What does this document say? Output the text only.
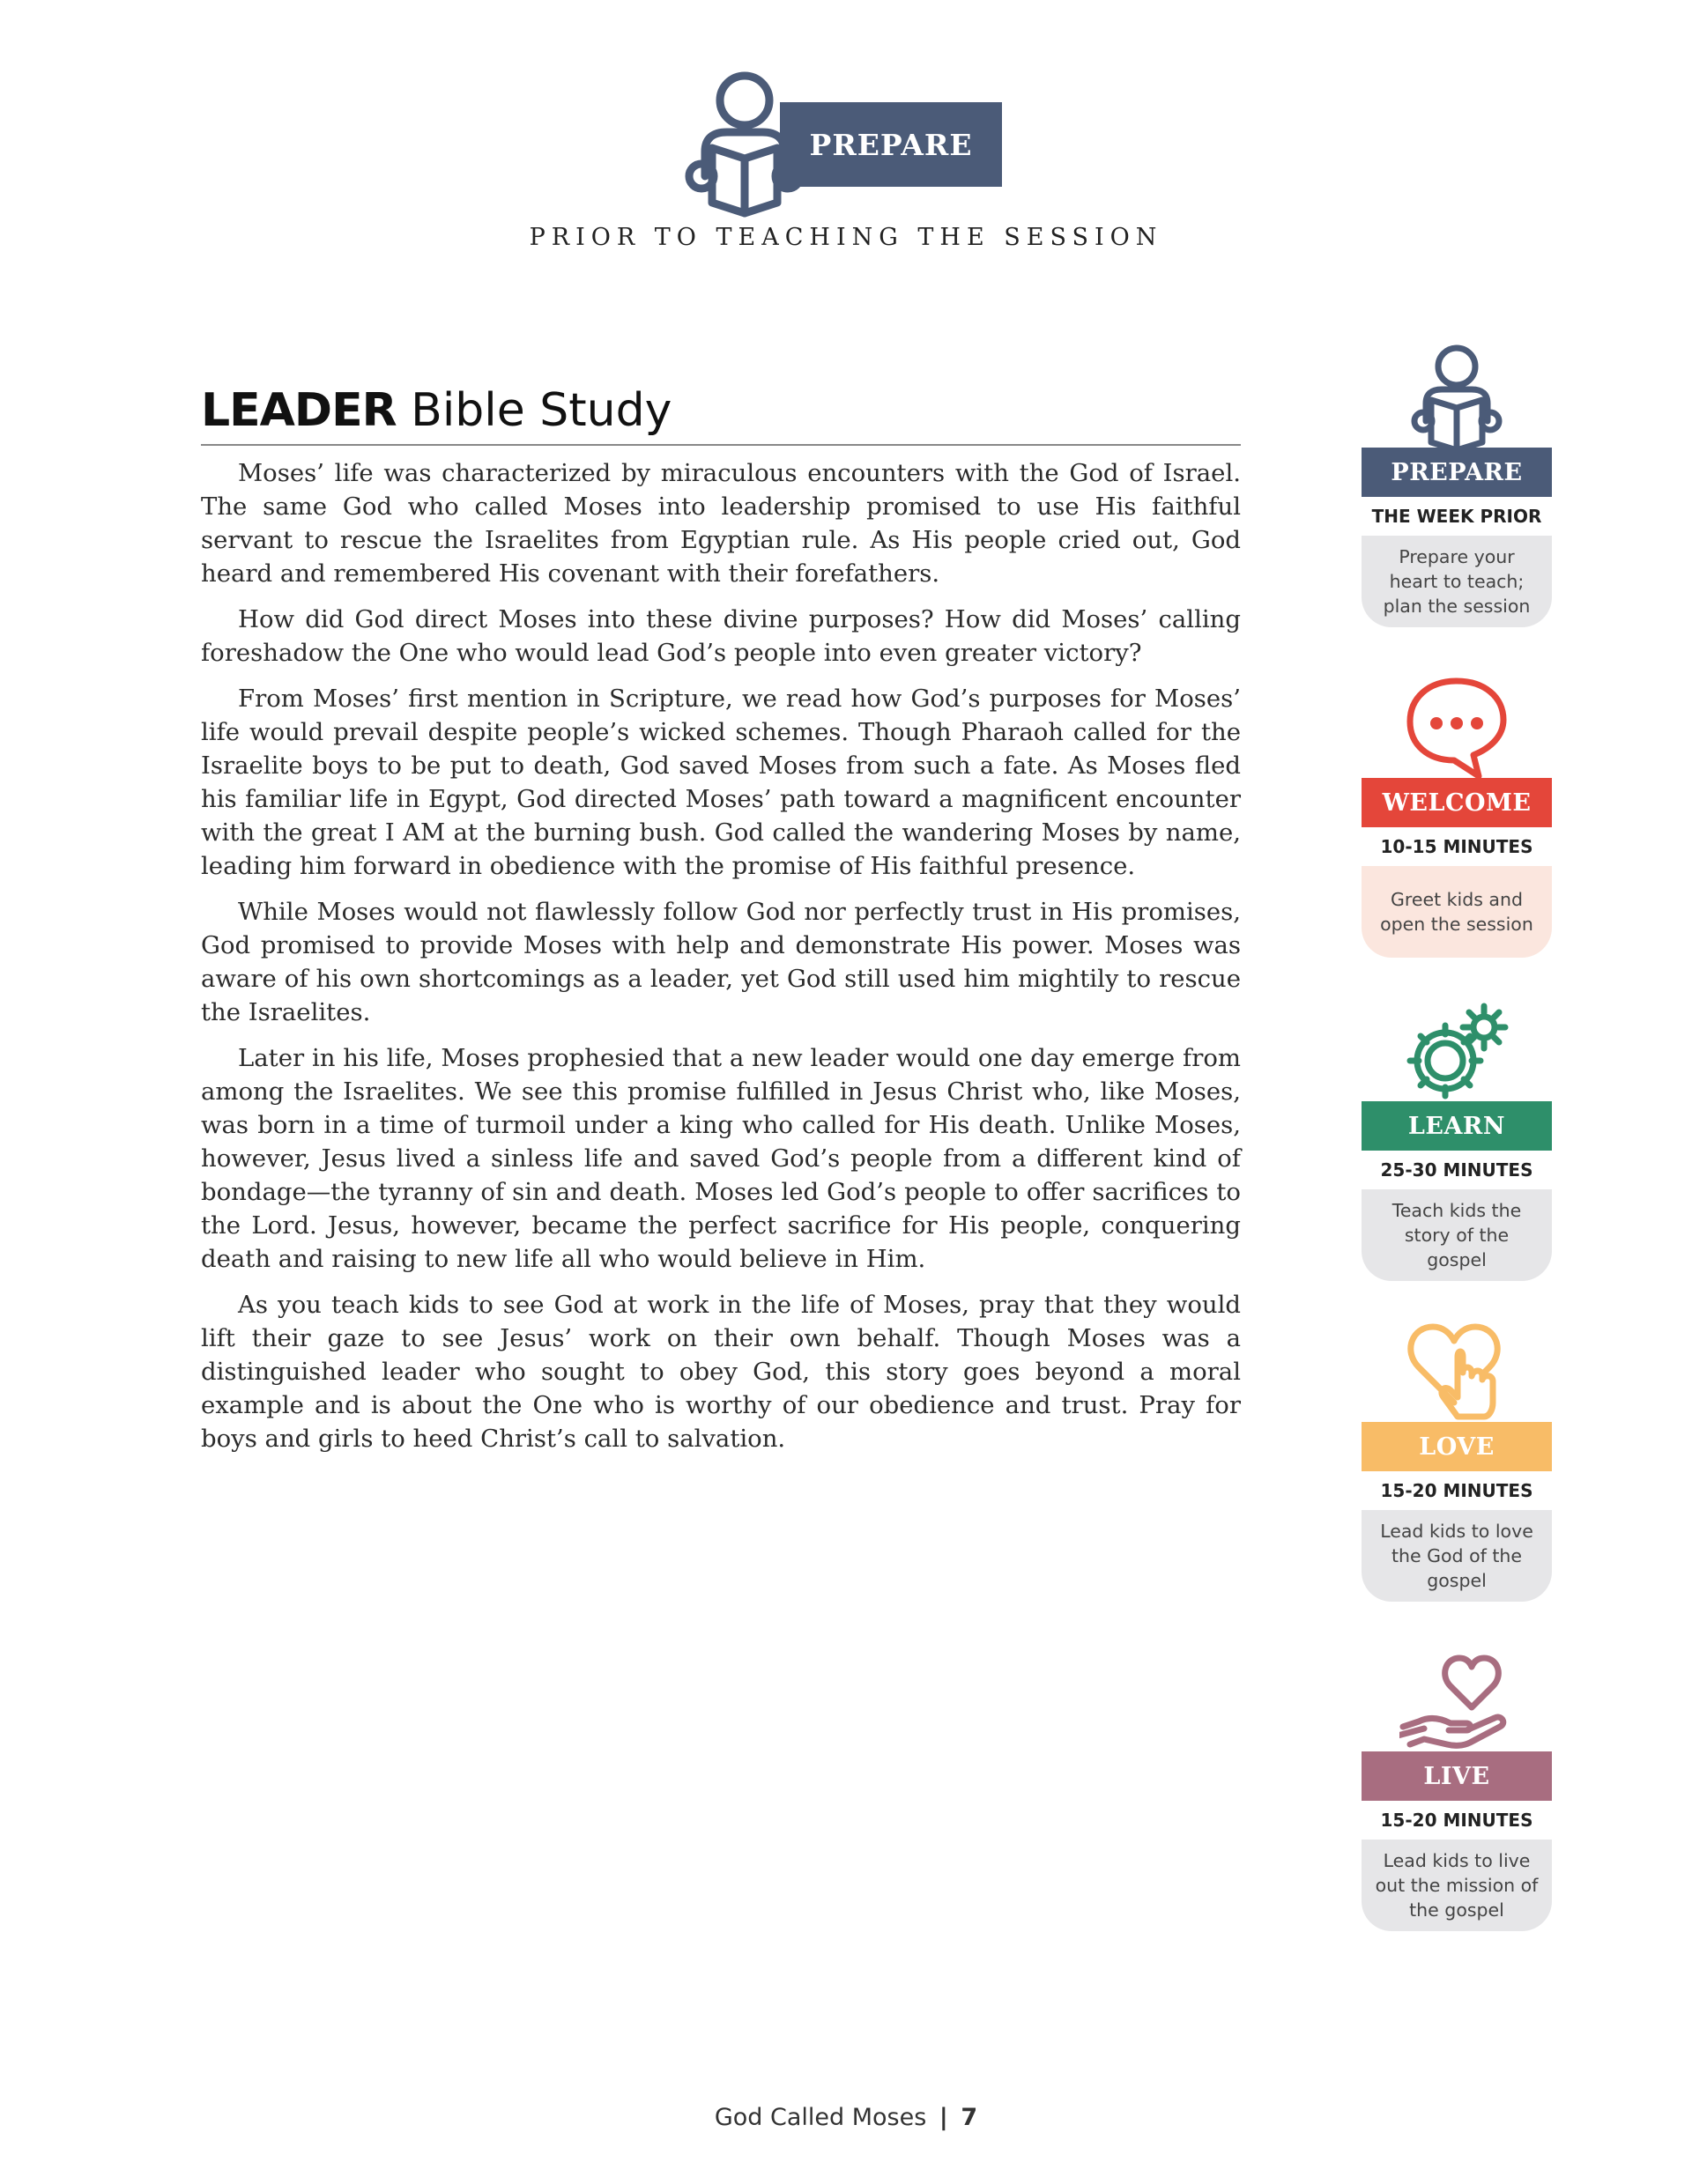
PREPARE
PRIOR TO TEACHING THE SESSION
LEADER Bible Study

Moses’ life was characterized by miraculous encounters with the God of Israel. The same God who called Moses into leadership promised to use His faithful servant to rescue the Israelites from Egyptian rule. As His people cried out, God heard and remembered His covenant with their forefathers.

How did God direct Moses into these divine purposes? How did Moses’ calling foreshadow the One who would lead God’s people into even greater victory?

From Moses’ first mention in Scripture, we read how God’s purposes for Moses’ life would prevail despite people’s wicked schemes. Though Pharaoh called for the Israelite boys to be put to death, God saved Moses from such a fate. As Moses fled his familiar life in Egypt, God directed Moses’ path toward a magnificent encounter with the great I AM at the burning bush. God called the wandering Moses by name, leading him forward in obedience with the promise of His faithful presence.

While Moses would not flawlessly follow God nor perfectly trust in His promises, God promised to provide Moses with help and demonstrate His power. Moses was aware of his own shortcomings as a leader, yet God still used him mightily to rescue the Israelites.

Later in his life, Moses prophesied that a new leader would one day emerge from among the Israelites. We see this promise fulfilled in Jesus Christ who, like Moses, was born in a time of turmoil under a king who called for His death. Unlike Moses, however, Jesus lived a sinless life and saved God’s people from a different kind of bondage—the tyranny of sin and death. Moses led God’s people to offer sacrifices to the Lord. Jesus, however, became the perfect sacrifice for His people, conquering death and raising to new life all who would believe in Him.

As you teach kids to see God at work in the life of Moses, pray that they would lift their gaze to see Jesus’ work on their own behalf. Though Moses was a distinguished leader who sought to obey God, this story goes beyond a moral example and is about the One who is worthy of our obedience and trust. Pray for boys and girls to heed Christ’s call to salvation.

PREPARE
THE WEEK PRIOR
Prepare your heart to teach; plan the session
WELCOME
10-15 MINUTES
Greet kids and open the session
LEARN
25-30 MINUTES
Teach kids the story of the gospel
LOVE
15-20 MINUTES
Lead kids to love the God of the gospel
LIVE
15-20 MINUTES
Lead kids to live out the mission of the gospel
God Called Moses | 7
